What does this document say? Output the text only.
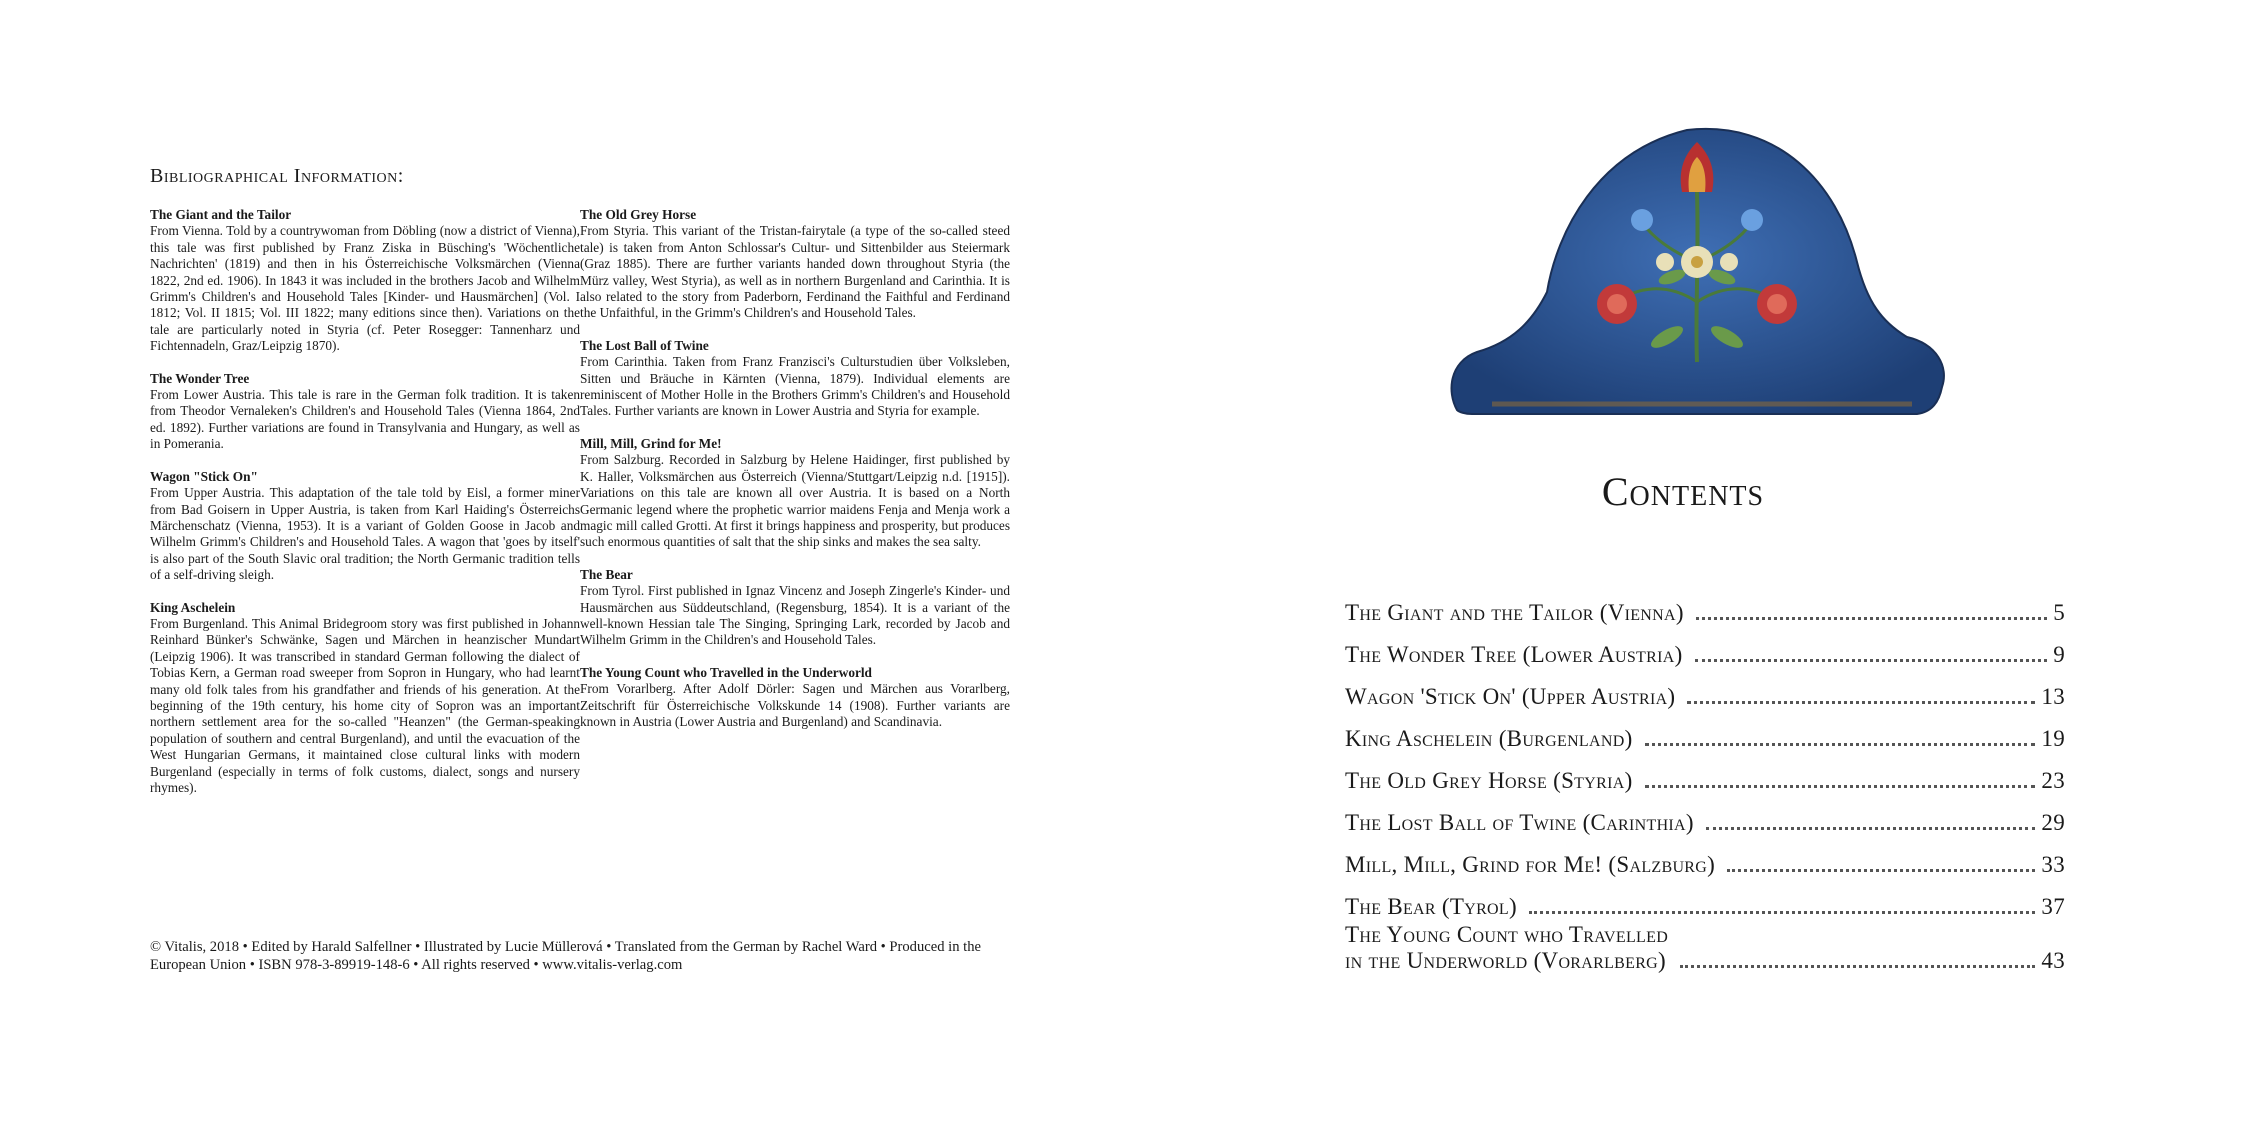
Bibliographical Information:
The Giant and the Tailor
From Vienna. Told by a countrywoman from Döbling (now a district of Vienna), this tale was first published by Franz Ziska in Büsching's 'Wöchentliche Nachrichten' (1819) and then in his Österreichische Volksmärchen (Vienna 1822, 2nd ed. 1906). In 1843 it was included in the brothers Jacob and Wilhelm Grimm's Children's and Household Tales [Kinder- und Hausmärchen] (Vol. I 1812; Vol. II 1815; Vol. III 1822; many editions since then). Variations on the tale are particularly noted in Styria (cf. Peter Rosegger: Tannenharz und Fichtennadeln, Graz/Leipzig 1870).
The Wonder Tree
From Lower Austria. This tale is rare in the German folk tradition. It is taken from Theodor Vernaleken's Children's and Household Tales (Vienna 1864, 2nd ed. 1892). Further variations are found in Transylvania and Hungary, as well as in Pomerania.
Wagon "Stick On"
From Upper Austria. This adaptation of the tale told by Eisl, a former miner from Bad Goisern in Upper Austria, is taken from Karl Haiding's Österreichs Märchenschatz (Vienna, 1953). It is a variant of Golden Goose in Jacob and Wilhelm Grimm's Children's and Household Tales. A wagon that 'goes by itself' is also part of the South Slavic oral tradition; the North Germanic tradition tells of a self-driving sleigh.
King Aschelein
From Burgenland. This Animal Bridegroom story was first published in Johann Reinhard Bünker's Schwänke, Sagen und Märchen in heanzischer Mundart (Leipzig 1906). It was transcribed in standard German following the dialect of Tobias Kern, a German road sweeper from Sopron in Hungary, who had learnt many old folk tales from his grandfather and friends of his generation. At the beginning of the 19th century, his home city of Sopron was an important northern settlement area for the so-called "Heanzen" (the German-speaking population of southern and central Burgenland), and until the evacuation of the West Hungarian Germans, it maintained close cultural links with modern Burgenland (especially in terms of folk customs, dialect, songs and nursery rhymes).
The Old Grey Horse
From Styria. This variant of the Tristan-fairytale (a type of the so-called steed tale) is taken from Anton Schlossar's Cultur- und Sittenbilder aus Steiermark (Graz 1885). There are further variants handed down throughout Styria (the Mürz valley, West Styria), as well as in northern Burgenland and Carinthia. It is also related to the story from Paderborn, Ferdinand the Faithful and Ferdinand the Unfaithful, in the Grimm's Children's and Household Tales.
The Lost Ball of Twine
From Carinthia. Taken from Franz Franzisci's Culturstudien über Volksleben, Sitten und Bräuche in Kärnten (Vienna, 1879). Individual elements are reminiscent of Mother Holle in the Brothers Grimm's Children's and Household Tales. Further variants are known in Lower Austria and Styria for example.
Mill, Mill, Grind for Me!
From Salzburg. Recorded in Salzburg by Helene Haidinger, first published by K. Haller, Volksmärchen aus Österreich (Vienna/Stuttgart/Leipzig n.d. [1915]). Variations on this tale are known all over Austria. It is based on a North Germanic legend where the prophetic warrior maidens Fenja and Menja work a magic mill called Grotti. At first it brings happiness and prosperity, but produces such enormous quantities of salt that the ship sinks and makes the sea salty.
The Bear
From Tyrol. First published in Ignaz Vincenz and Joseph Zingerle's Kinder- und Hausmärchen aus Süddeutschland, (Regensburg, 1854). It is a variant of the well-known Hessian tale The Singing, Springing Lark, recorded by Jacob and Wilhelm Grimm in the Children's and Household Tales.
The Young Count who Travelled in the Underworld
From Vorarlberg. After Adolf Dörler: Sagen und Märchen aus Vorarlberg, Zeitschrift für Österreichische Volkskunde 14 (1908). Further variants are known in Austria (Lower Austria and Burgenland) and Scandinavia.
© Vitalis, 2018 • Edited by Harald Salfellner • Illustrated by Lucie Müllerová • Translated from the German by Rachel Ward • Produced in the European Union • ISBN 978-3-89919-148-6 • All rights reserved • www.vitalis-verlag.com
Contents
The Giant and the Tailor (Vienna)	5
The Wonder Tree (Lower Austria)	9
Wagon 'Stick On' (Upper Austria)	13
King Aschelein (Burgenland)	19
The Old Grey Horse (Styria)	23
The Lost Ball of Twine (Carinthia)	29
Mill, Mill, Grind for Me! (Salzburg)	33
The Bear (Tyrol)	37
The Young Count who Travelled
in the Underworld (Vorarlberg)	43
